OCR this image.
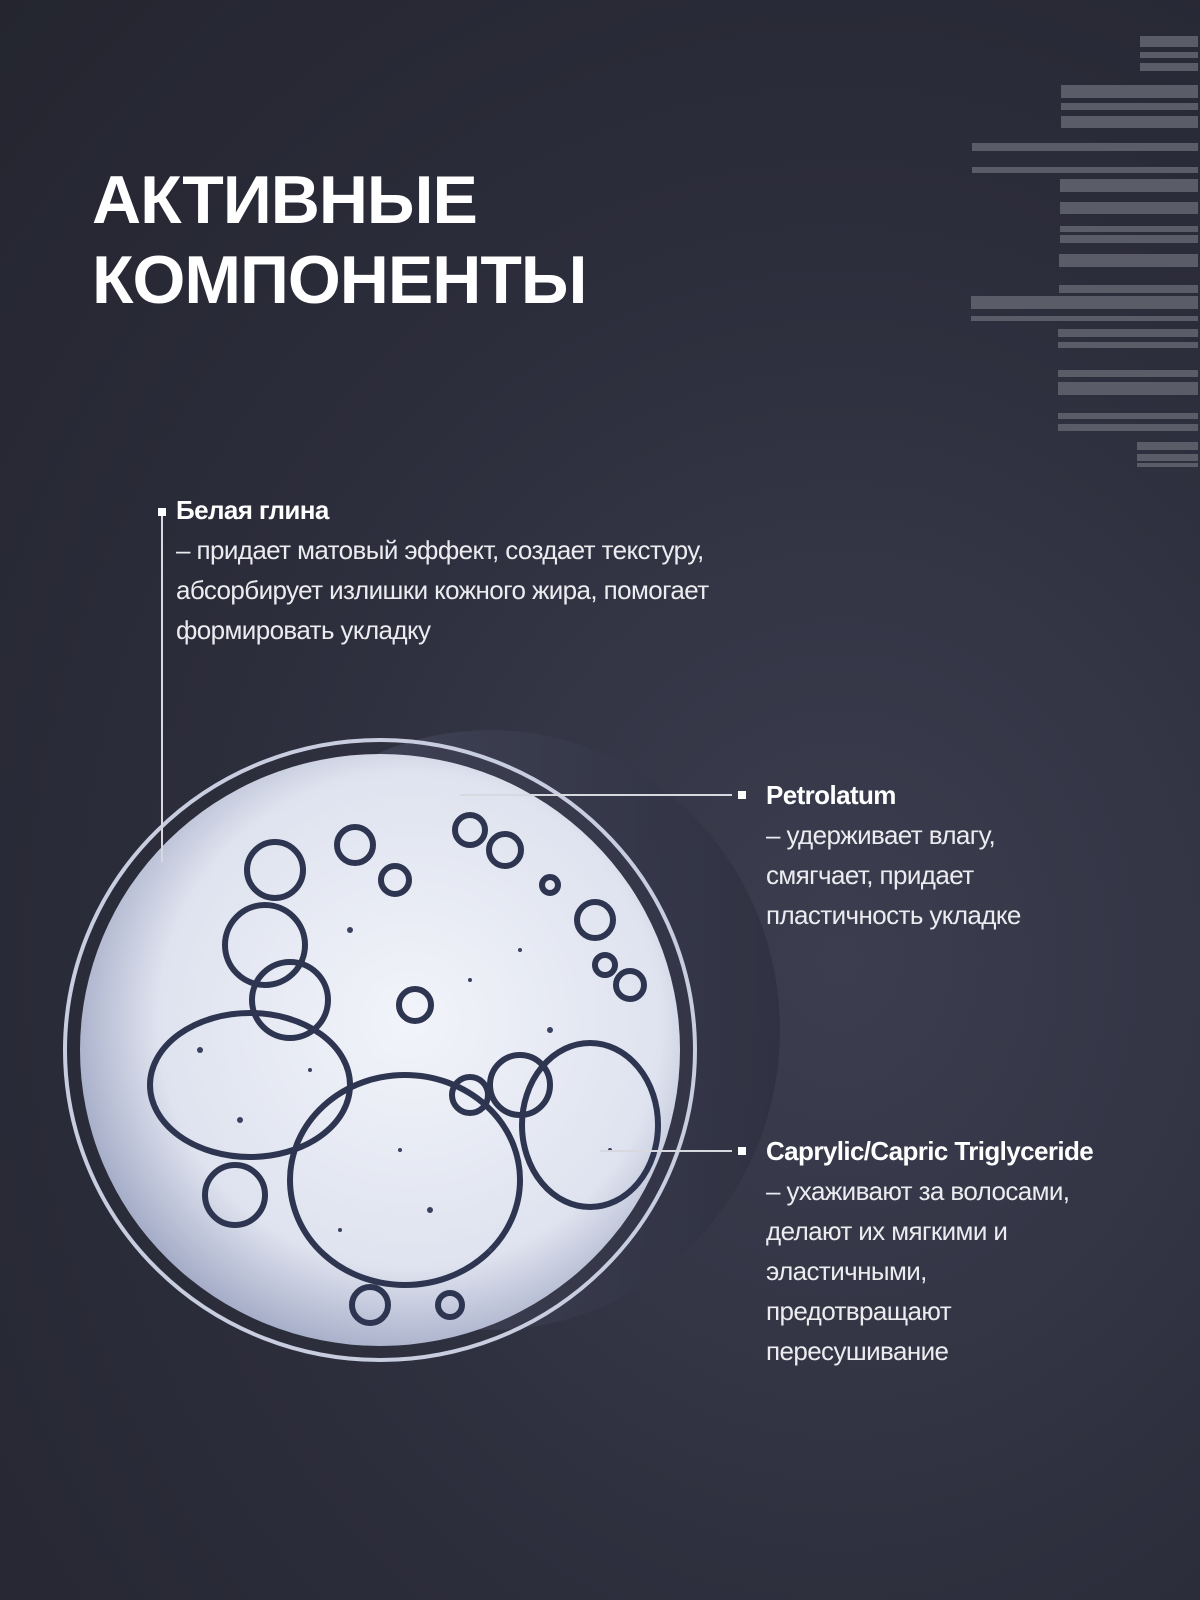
АКТИВНЫЕ
КОМПОНЕНТЫ
Белая глина
– придает матовый эффект, создает текстуру,
абсорбирует излишки кожного жира, помогает
формировать укладку
Petrolatum
– удерживает влагу,
смягчает, придает
пластичность укладке
Caprylic/Capric Triglyceride
– ухаживают за волосами,
делают их мягкими и
эластичными,
предотвращают
пересушивание
